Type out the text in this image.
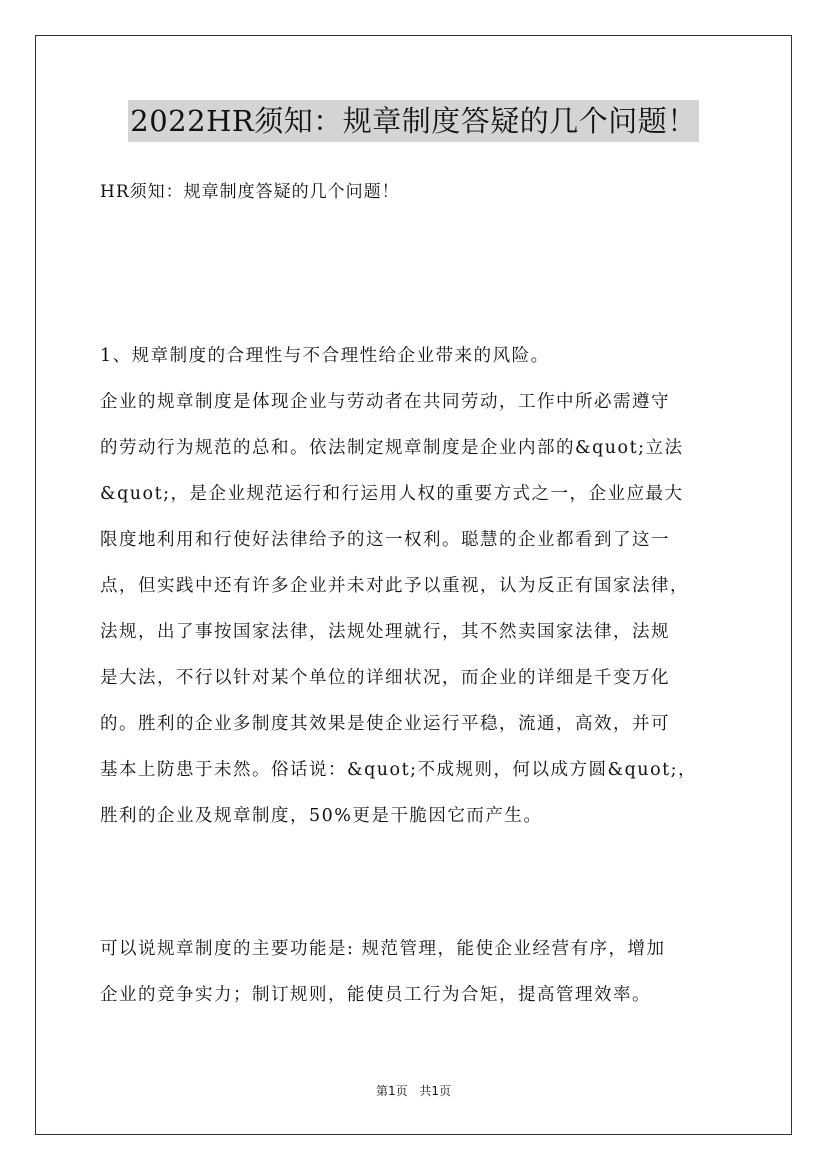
2022HR须知：规章制度答疑的几个问题！
HR须知：规章制度答疑的几个问题！
1、规章制度的合理性与不合理性给企业带来的风险。
企业的规章制度是体现企业与劳动者在共同劳动，工作中所必需遵守
的劳动行为规范的总和。依法制定规章制度是企业内部的&quot;立法
&quot;，是企业规范运行和行运用人权的重要方式之一，企业应最大
限度地利用和行使好法律给予的这一权利。聪慧的企业都看到了这一
点，但实践中还有许多企业并未对此予以重视，认为反正有国家法律，
法规，出了事按国家法律，法规处理就行，其不然卖国家法律，法规
是大法，不行以针对某个单位的详细状况，而企业的详细是千变万化
的。胜利的企业多制度其效果是使企业运行平稳，流通，高效，并可
基本上防患于未然。俗话说：&quot;不成规则，何以成方圆&quot;，
胜利的企业及规章制度，50%更是干脆因它而产生。
可以说规章制度的主要功能是: 规范管理，能使企业经营有序，增加
企业的竞争实力；制订规则，能使员工行为合矩，提高管理效率。
第1页 共1页
